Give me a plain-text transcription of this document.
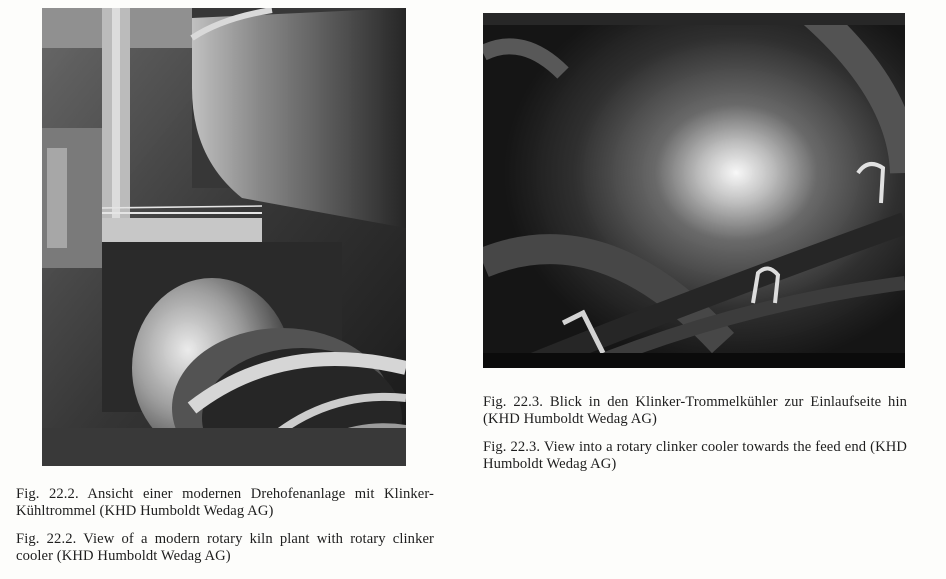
Fig. 22.2. Ansicht einer modernen Drehofenanlage mit Klinker-Kühltrommel (KHD Humboldt Wedag AG)
Fig. 22.2. View of a modern rotary kiln plant with rotary clinker cooler (KHD Humboldt Wedag AG)
Fig. 22.3. Blick in den Klinker-Trommelkühler zur Einlaufseite hin (KHD Humboldt Wedag AG)
Fig. 22.3. View into a rotary clinker cooler towards the feed end (KHD Humboldt Wedag AG)
